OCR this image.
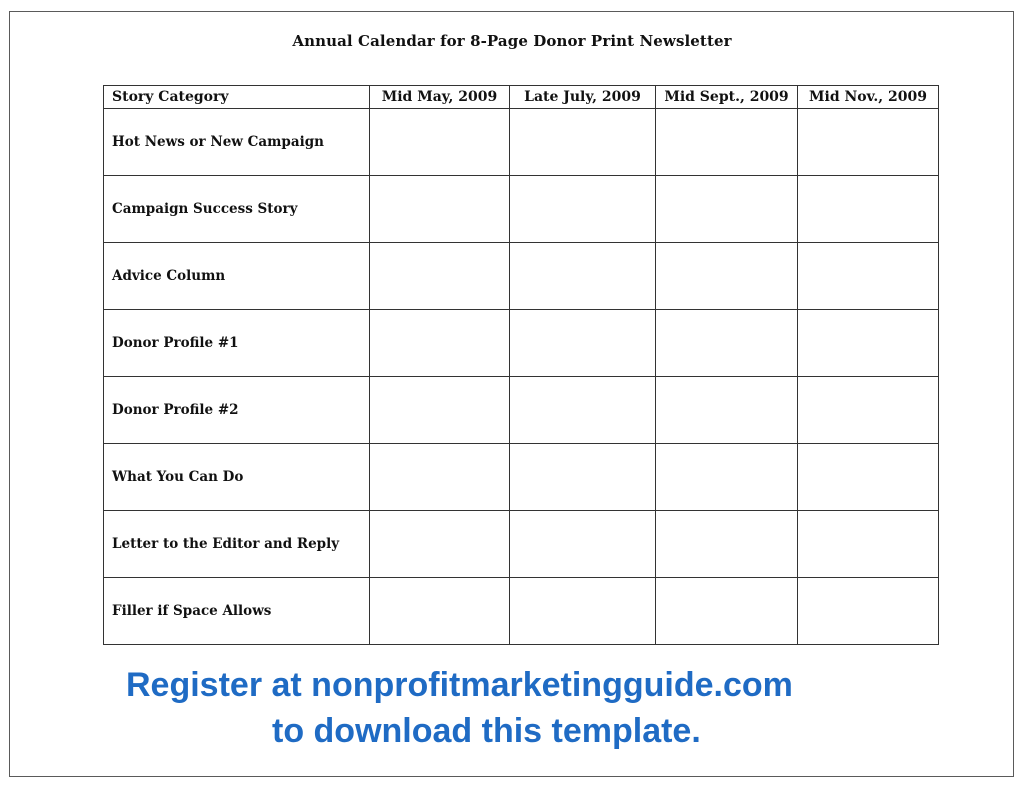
Annual Calendar for 8-Page Donor Print Newsletter
Story Category	Mid May, 2009	Late July, 2009	Mid Sept., 2009	Mid Nov., 2009
Hot News or New Campaign				
Campaign Success Story				
Advice Column				
Donor Profile #1				
Donor Profile #2				
What You Can Do				
Letter to the Editor and Reply				
Filler if Space Allows				
Register at nonprofitmarketingguide.com
to download this template.
